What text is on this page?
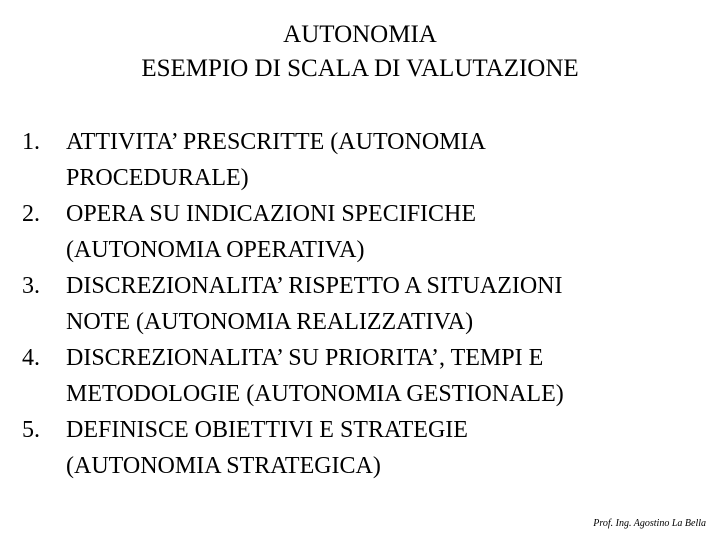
AUTONOMIA
ESEMPIO DI SCALA DI VALUTAZIONE
1.	ATTIVITA’ PRESCRITTE (AUTONOMIA
PROCEDURALE)
2.	OPERA SU INDICAZIONI SPECIFICHE
(AUTONOMIA OPERATIVA)
3.	DISCREZIONALITA’ RISPETTO A SITUAZIONI
NOTE (AUTONOMIA REALIZZATIVA)
4.	DISCREZIONALITA’ SU PRIORITA’, TEMPI E
METODOLOGIE (AUTONOMIA GESTIONALE)
5.	DEFINISCE OBIETTIVI E STRATEGIE
(AUTONOMIA STRATEGICA)
Prof. Ing. Agostino La Bella
